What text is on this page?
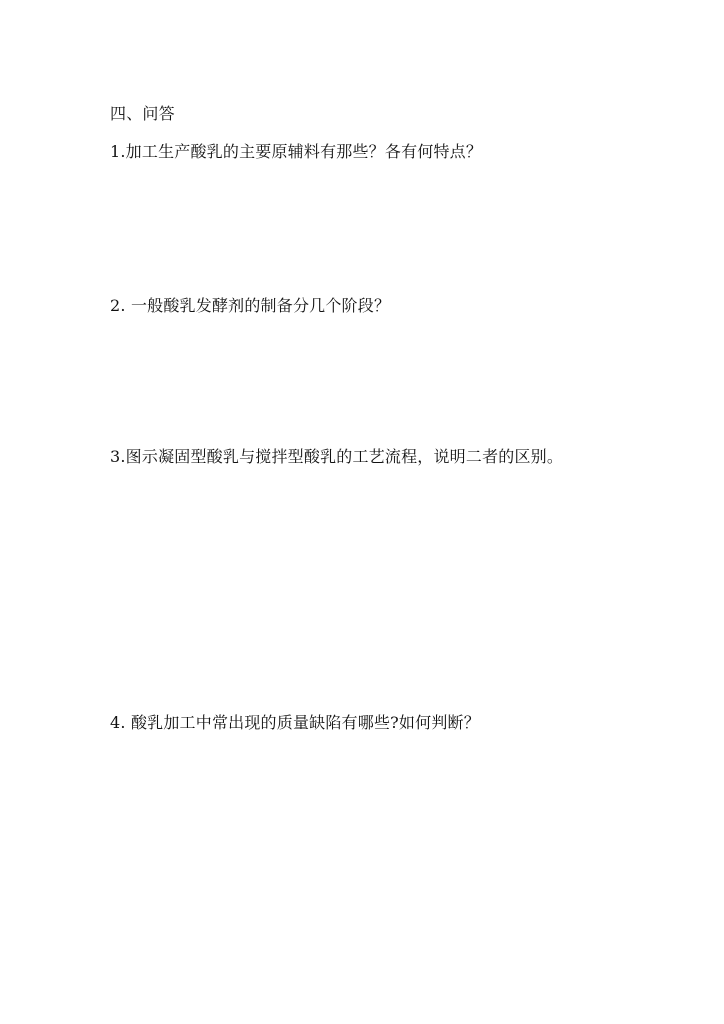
四、问答
1.加工生产酸乳的主要原辅料有那些？各有何特点？
2. 一般酸乳发酵剂的制备分几个阶段？
3.图示凝固型酸乳与搅拌型酸乳的工艺流程，说明二者的区别。
4. 酸乳加工中常出现的质量缺陷有哪些?如何判断？
